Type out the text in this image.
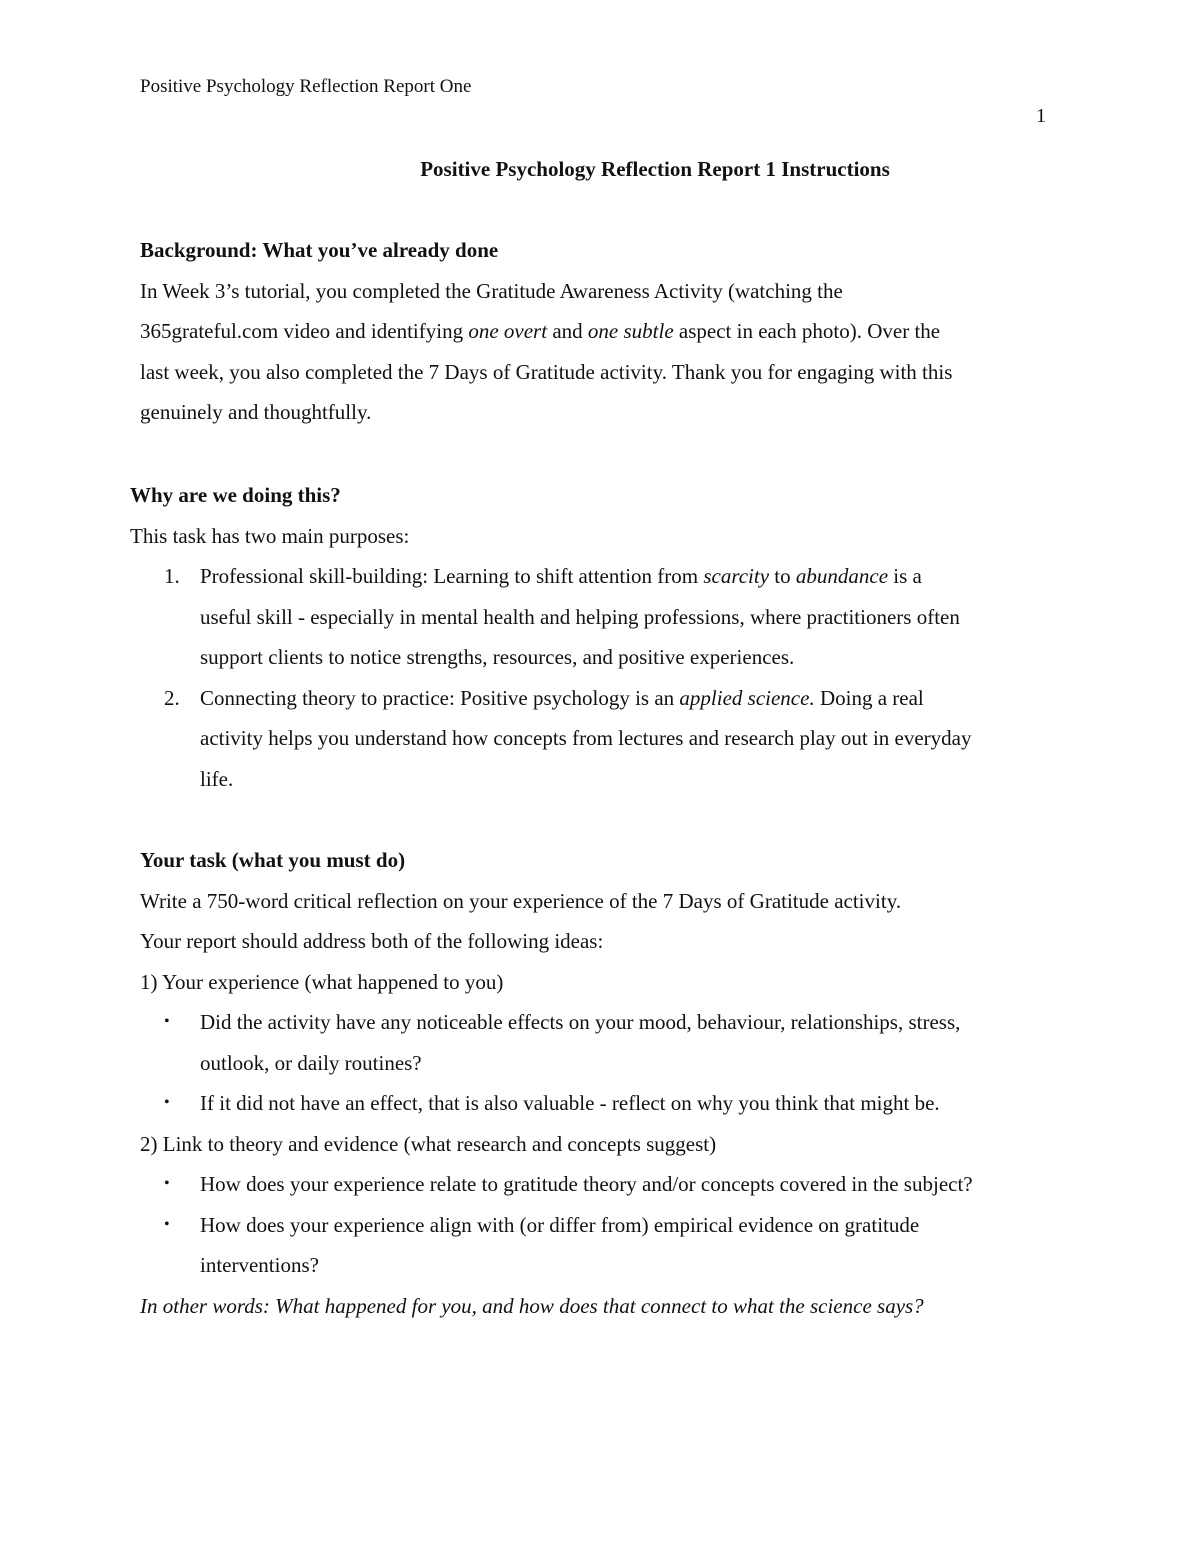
Positive Psychology Reflection Report One
1
Positive Psychology Reflection Report 1 Instructions

Background: What you’ve already done

In Week 3’s tutorial, you completed the Gratitude Awareness Activity (watching the

365grateful.com video and identifying one overt and one subtle aspect in each photo). Over the

last week, you also completed the 7 Days of Gratitude activity. Thank you for engaging with this

genuinely and thoughtfully.

Why are we doing this?

This task has two main purposes:

1. Professional skill-building: Learning to shift attention from scarcity to abundance is a
useful skill - especially in mental health and helping professions, where practitioners often
support clients to notice strengths, resources, and positive experiences.
2. Connecting theory to practice: Positive psychology is an applied science. Doing a real
activity helps you understand how concepts from lectures and research play out in everyday
life.

Your task (what you must do)

Write a 750-word critical reflection on your experience of the 7 Days of Gratitude activity.

Your report should address both of the following ideas:

1) Your experience (what happened to you)

• Did the activity have any noticeable effects on your mood, behaviour, relationships, stress,
outlook, or daily routines?
• If it did not have an effect, that is also valuable - reflect on why you think that might be.

2) Link to theory and evidence (what research and concepts suggest)

• How does your experience relate to gratitude theory and/or concepts covered in the subject?
• How does your experience align with (or differ from) empirical evidence on gratitude
interventions?

In other words: What happened for you, and how does that connect to what the science says?
